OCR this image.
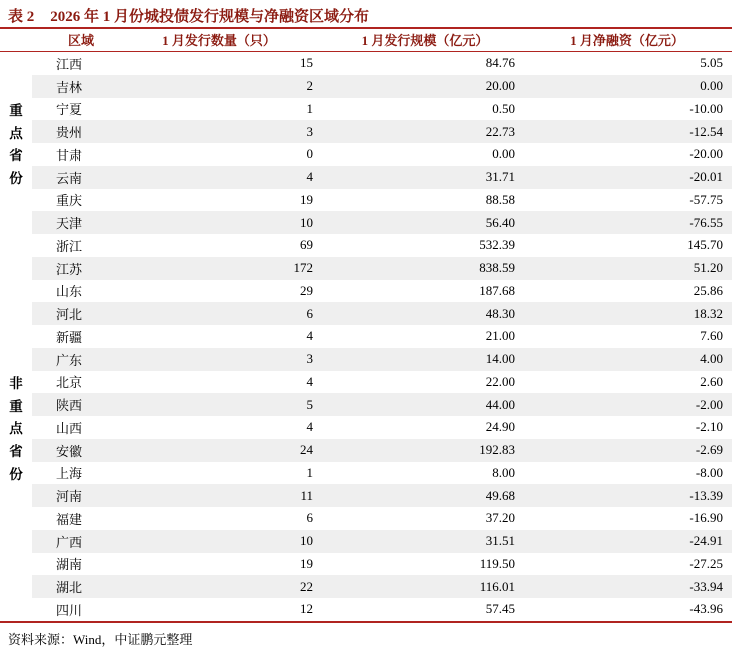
表 2 2026 年 1 月份城投债发行规模与净融资区域分布
区域	1 月发行数量（只）	1 月发行规模（亿元）	1 月净融资（亿元）
江西	15	84.76	5.05
吉林	2	20.00	0.00
重	宁夏	1	0.50	-10.00
点	贵州	3	22.73	-12.54
省	甘肃	0	0.00	-20.00
份	云南	4	31.71	-20.01
重庆	19	88.58	-57.75
天津	10	56.40	-76.55
浙江	69	532.39	145.70
江苏	172	838.59	51.20
山东	29	187.68	25.86
河北	6	48.30	18.32
新疆	4	21.00	7.60
广东	3	14.00	4.00
非	北京	4	22.00	2.60
重	陕西	5	44.00	-2.00
点	山西	4	24.90	-2.10
省	安徽	24	192.83	-2.69
份	上海	1	8.00	-8.00
河南	11	49.68	-13.39
福建	6	37.20	-16.90
广西	10	31.51	-24.91
湖南	19	119.50	-27.25
湖北	22	116.01	-33.94
四川	12	57.45	-43.96
资料来源：Wind，中证鹏元整理
